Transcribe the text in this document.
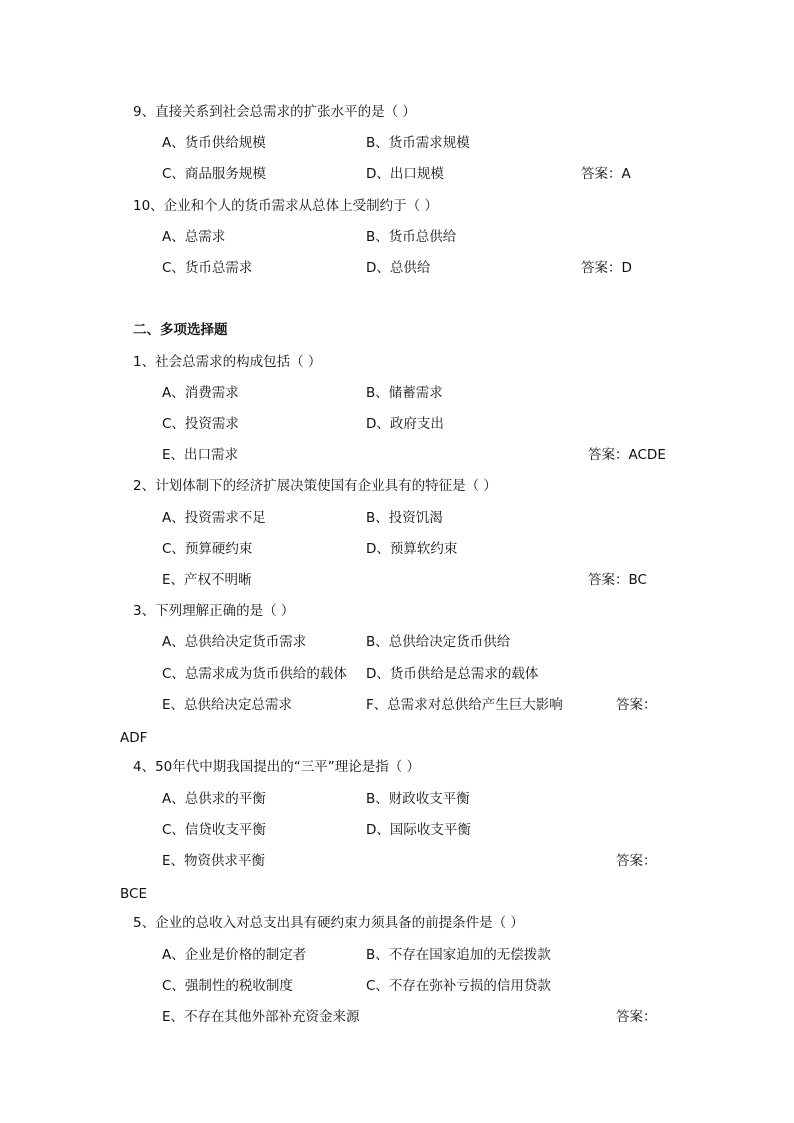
9、直接关系到社会总需求的扩张水平的是（ ）
A、货币供给规模	B、货币需求规模
C、商品服务规模	D、出口规模	答案：A
10、企业和个人的货币需求从总体上受制约于（ ）
A、总需求	B、货币总供给
C、货币总需求	D、总供给	答案：D
二、多项选择题
1、社会总需求的构成包括（ ）
A、消费需求	B、储蓄需求
C、投资需求	D、政府支出
E、出口需求	答案：ACDE
2、计划体制下的经济扩展决策使国有企业具有的特征是（ ）
A、投资需求不足	B、投资饥渴
C、预算硬约束	D、预算软约束
E、产权不明晰	答案：BC
3、下列理解正确的是（ ）
A、总供给决定货币需求	B、总供给决定货币供给
C、总需求成为货币供给的载体 D、货币供给是总需求的载体
E、总供给决定总需求	F、总需求对总供给产生巨大影响	答案：
ADF
4、50年代中期我国提出的“三平”理论是指（ ）
A、总供求的平衡	B、财政收支平衡
C、信贷收支平衡	D、国际收支平衡
E、物资供求平衡	答案：
BCE
5、企业的总收入对总支出具有硬约束力须具备的前提条件是（ ）
A、企业是价格的制定者	B、不存在国家追加的无偿拨款
C、强制性的税收制度	C、不存在弥补亏损的信用贷款
E、不存在其他外部补充资金来源	答案：
